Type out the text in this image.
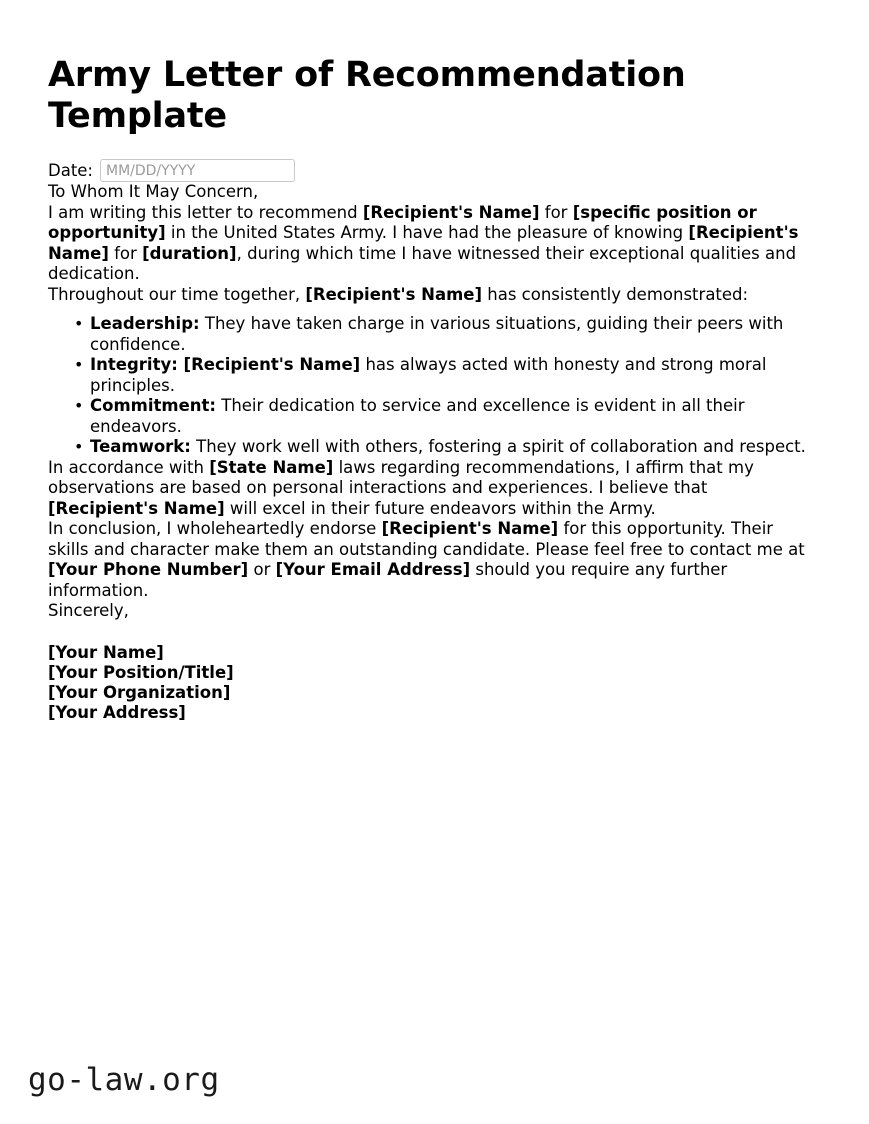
Army Letter of Recommendation Template
Date:
MM/DD/YYYY

To Whom It May Concern,

I am writing this letter to recommend [Recipient's Name] for [specific position or opportunity] in the United States Army. I have had the pleasure of knowing [Recipient's Name] for [duration], during which time I have witnessed their exceptional qualities and dedication.

Throughout our time together, [Recipient's Name] has consistently demonstrated:

• Leadership: They have taken charge in various situations, guiding their peers with confidence.
• Integrity: [Recipient's Name] has always acted with honesty and strong moral principles.
• Commitment: Their dedication to service and excellence is evident in all their endeavors.
• Teamwork: They work well with others, fostering a spirit of collaboration and respect.

In accordance with [State Name] laws regarding recommendations, I affirm that my observations are based on personal interactions and experiences. I believe that [Recipient's Name] will excel in their future endeavors within the Army.

In conclusion, I wholeheartedly endorse [Recipient's Name] for this opportunity. Their skills and character make them an outstanding candidate. Please feel free to contact me at [Your Phone Number] or [Your Email Address] should you require any further information.

Sincerely,

[Your Name]
[Your Position/Title]
[Your Organization]
[Your Address]
go-law.org
